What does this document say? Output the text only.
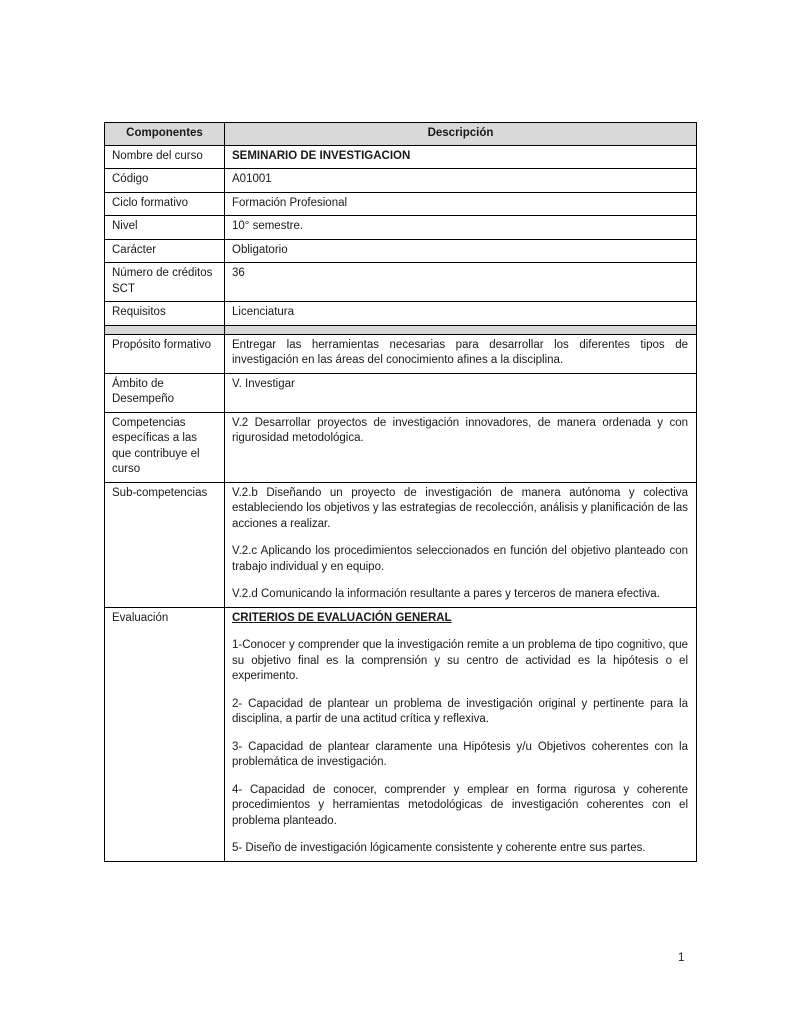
Componentes	Descripción
Nombre del curso	SEMINARIO DE INVESTIGACION

Código	A01001

Ciclo formativo	Formación Profesional

Nivel	10° semestre.

Carácter	Obligatorio

Número de créditos SCT	36

Requisitos	Licenciatura

Propósito formativo	Entregar las herramientas necesarias para desarrollar los diferentes tipos de investigación en las áreas del conocimiento afines a la disciplina.

Ámbito de Desempeño	V. Investigar

Competencias específicas a las que contribuye el curso	V.2 Desarrollar proyectos de investigación innovadores, de manera ordenada y con rigurosidad metodológica.

Sub-competencias	V.2.b Diseñando un proyecto de investigación de manera autónoma y colectiva estableciendo los objetivos y las estrategias de recolección, análisis y planificación de las acciones a realizar.

V.2.c Aplicando los procedimientos seleccionados en función del objetivo planteado con trabajo individual y en equipo.

V.2.d Comunicando la información resultante a pares y terceros de manera efectiva.

Evaluación	CRITERIOS DE EVALUACIÓN GENERAL

1-Conocer y comprender que la investigación remite a un problema de tipo cognitivo, que su objetivo final es la comprensión y su centro de actividad es la hipótesis o el experimento.

2- Capacidad de plantear un problema de investigación original y pertinente para la disciplina, a partir de una actitud crítica y reflexiva.

3- Capacidad de plantear claramente una Hipótesis y/u Objetivos coherentes con la problemática de investigación.

4- Capacidad de conocer, comprender y emplear en forma rigurosa y coherente procedimientos y herramientas metodológicas de investigación coherentes con el problema planteado.

5- Diseño de investigación lógicamente consistente y coherente entre sus partes.

1
